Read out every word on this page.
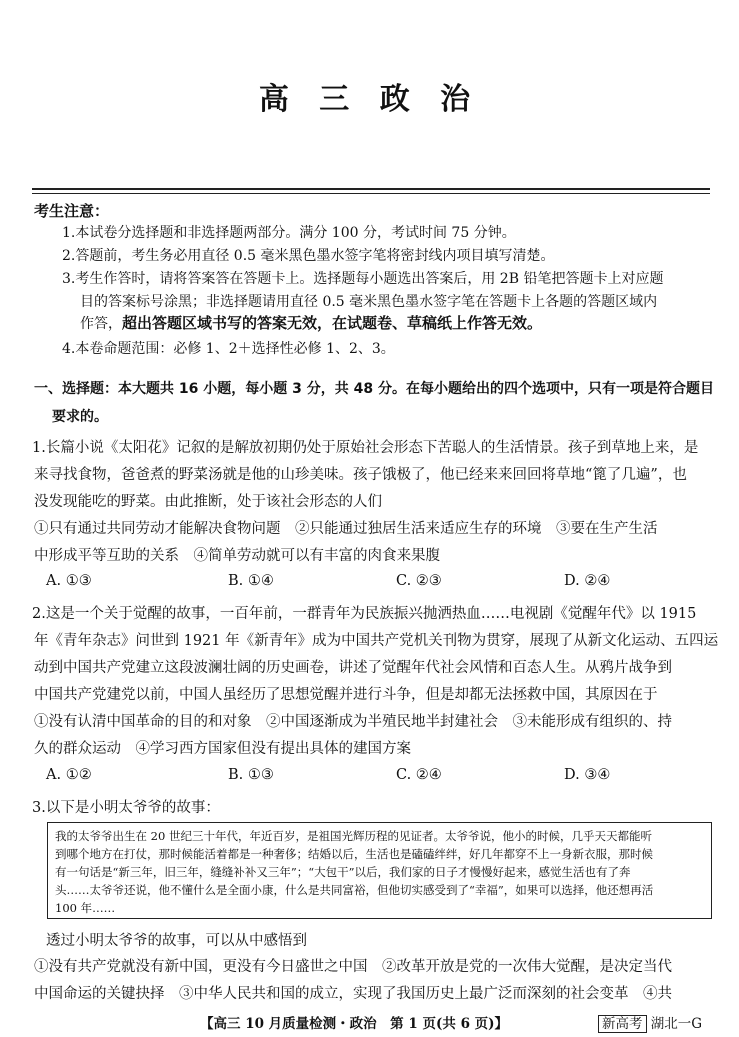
高 三 政 治
考生注意：
1.本试卷分选择题和非选择题两部分。满分 100 分，考试时间 75 分钟。
2.答题前，考生务必用直径 0.5 毫米黑色墨水签字笔将密封线内项目填写清楚。
3.考生作答时，请将答案答在答题卡上。选择题每小题选出答案后，用 2B 铅笔把答题卡上对应题
目的答案标号涂黑；非选择题请用直径 0.5 毫米黑色墨水签字笔在答题卡上各题的答题区域内
作答，超出答题区域书写的答案无效，在试题卷、草稿纸上作答无效。
4.本卷命题范围：必修 1、2＋选择性必修 1、2、3。
一、选择题：本大题共 16 小题，每小题 3 分，共 48 分。在每小题给出的四个选项中，只有一项是符合题目
要求的。
1.长篇小说《太阳花》记叙的是解放初期仍处于原始社会形态下苦聪人的生活情景。孩子到草地上来，是
来寻找食物，爸爸煮的野菜汤就是他的山珍美味。孩子饿极了，他已经来来回回将草地“篦了几遍”，也
没发现能吃的野菜。由此推断，处于该社会形态的人们
①只有通过共同劳动才能解决食物问题　②只能通过独居生活来适应生存的环境　③要在生产生活
中形成平等互助的关系　④简单劳动就可以有丰富的肉食来果腹
A. ①③	B. ①④	C. ②③	D. ②④
2.这是一个关于觉醒的故事，一百年前，一群青年为民族振兴抛洒热血……电视剧《觉醒年代》以 1915
年《青年杂志》问世到 1921 年《新青年》成为中国共产党机关刊物为贯穿，展现了从新文化运动、五四运
动到中国共产党建立这段波澜壮阔的历史画卷，讲述了觉醒年代社会风情和百态人生。从鸦片战争到
中国共产党建党以前，中国人虽经历了思想觉醒并进行斗争，但是却都无法拯救中国，其原因在于
①没有认清中国革命的目的和对象　②中国逐渐成为半殖民地半封建社会　③未能形成有组织的、持
久的群众运动　④学习西方国家但没有提出具体的建国方案
A. ①②	B. ①③	C. ②④	D. ③④
3.以下是小明太爷爷的故事：
我的太爷爷出生在 20 世纪三十年代，年近百岁，是祖国光辉历程的见证者。太爷爷说，他小的时候，几乎天天都能听
到哪个地方在打仗，那时候能活着都是一种奢侈；结婚以后，生活也是磕磕绊绊，好几年都穿不上一身新衣服，那时候
有一句话是“新三年，旧三年，缝缝补补又三年”；“大包干”以后，我们家的日子才慢慢好起来，感觉生活也有了奔
头……太爷爷还说，他不懂什么是全面小康，什么是共同富裕，但他切实感受到了“幸福”，如果可以选择，他还想再活
100 年……
透过小明太爷爷的故事，可以从中感悟到
①没有共产党就没有新中国，更没有今日盛世之中国　②改革开放是党的一次伟大觉醒，是决定当代
中国命运的关键抉择　③中华人民共和国的成立，实现了我国历史上最广泛而深刻的社会变革　④共
【高三 10 月质量检测・政治　第 1 页(共 6 页)】	新高考 湖北一G
